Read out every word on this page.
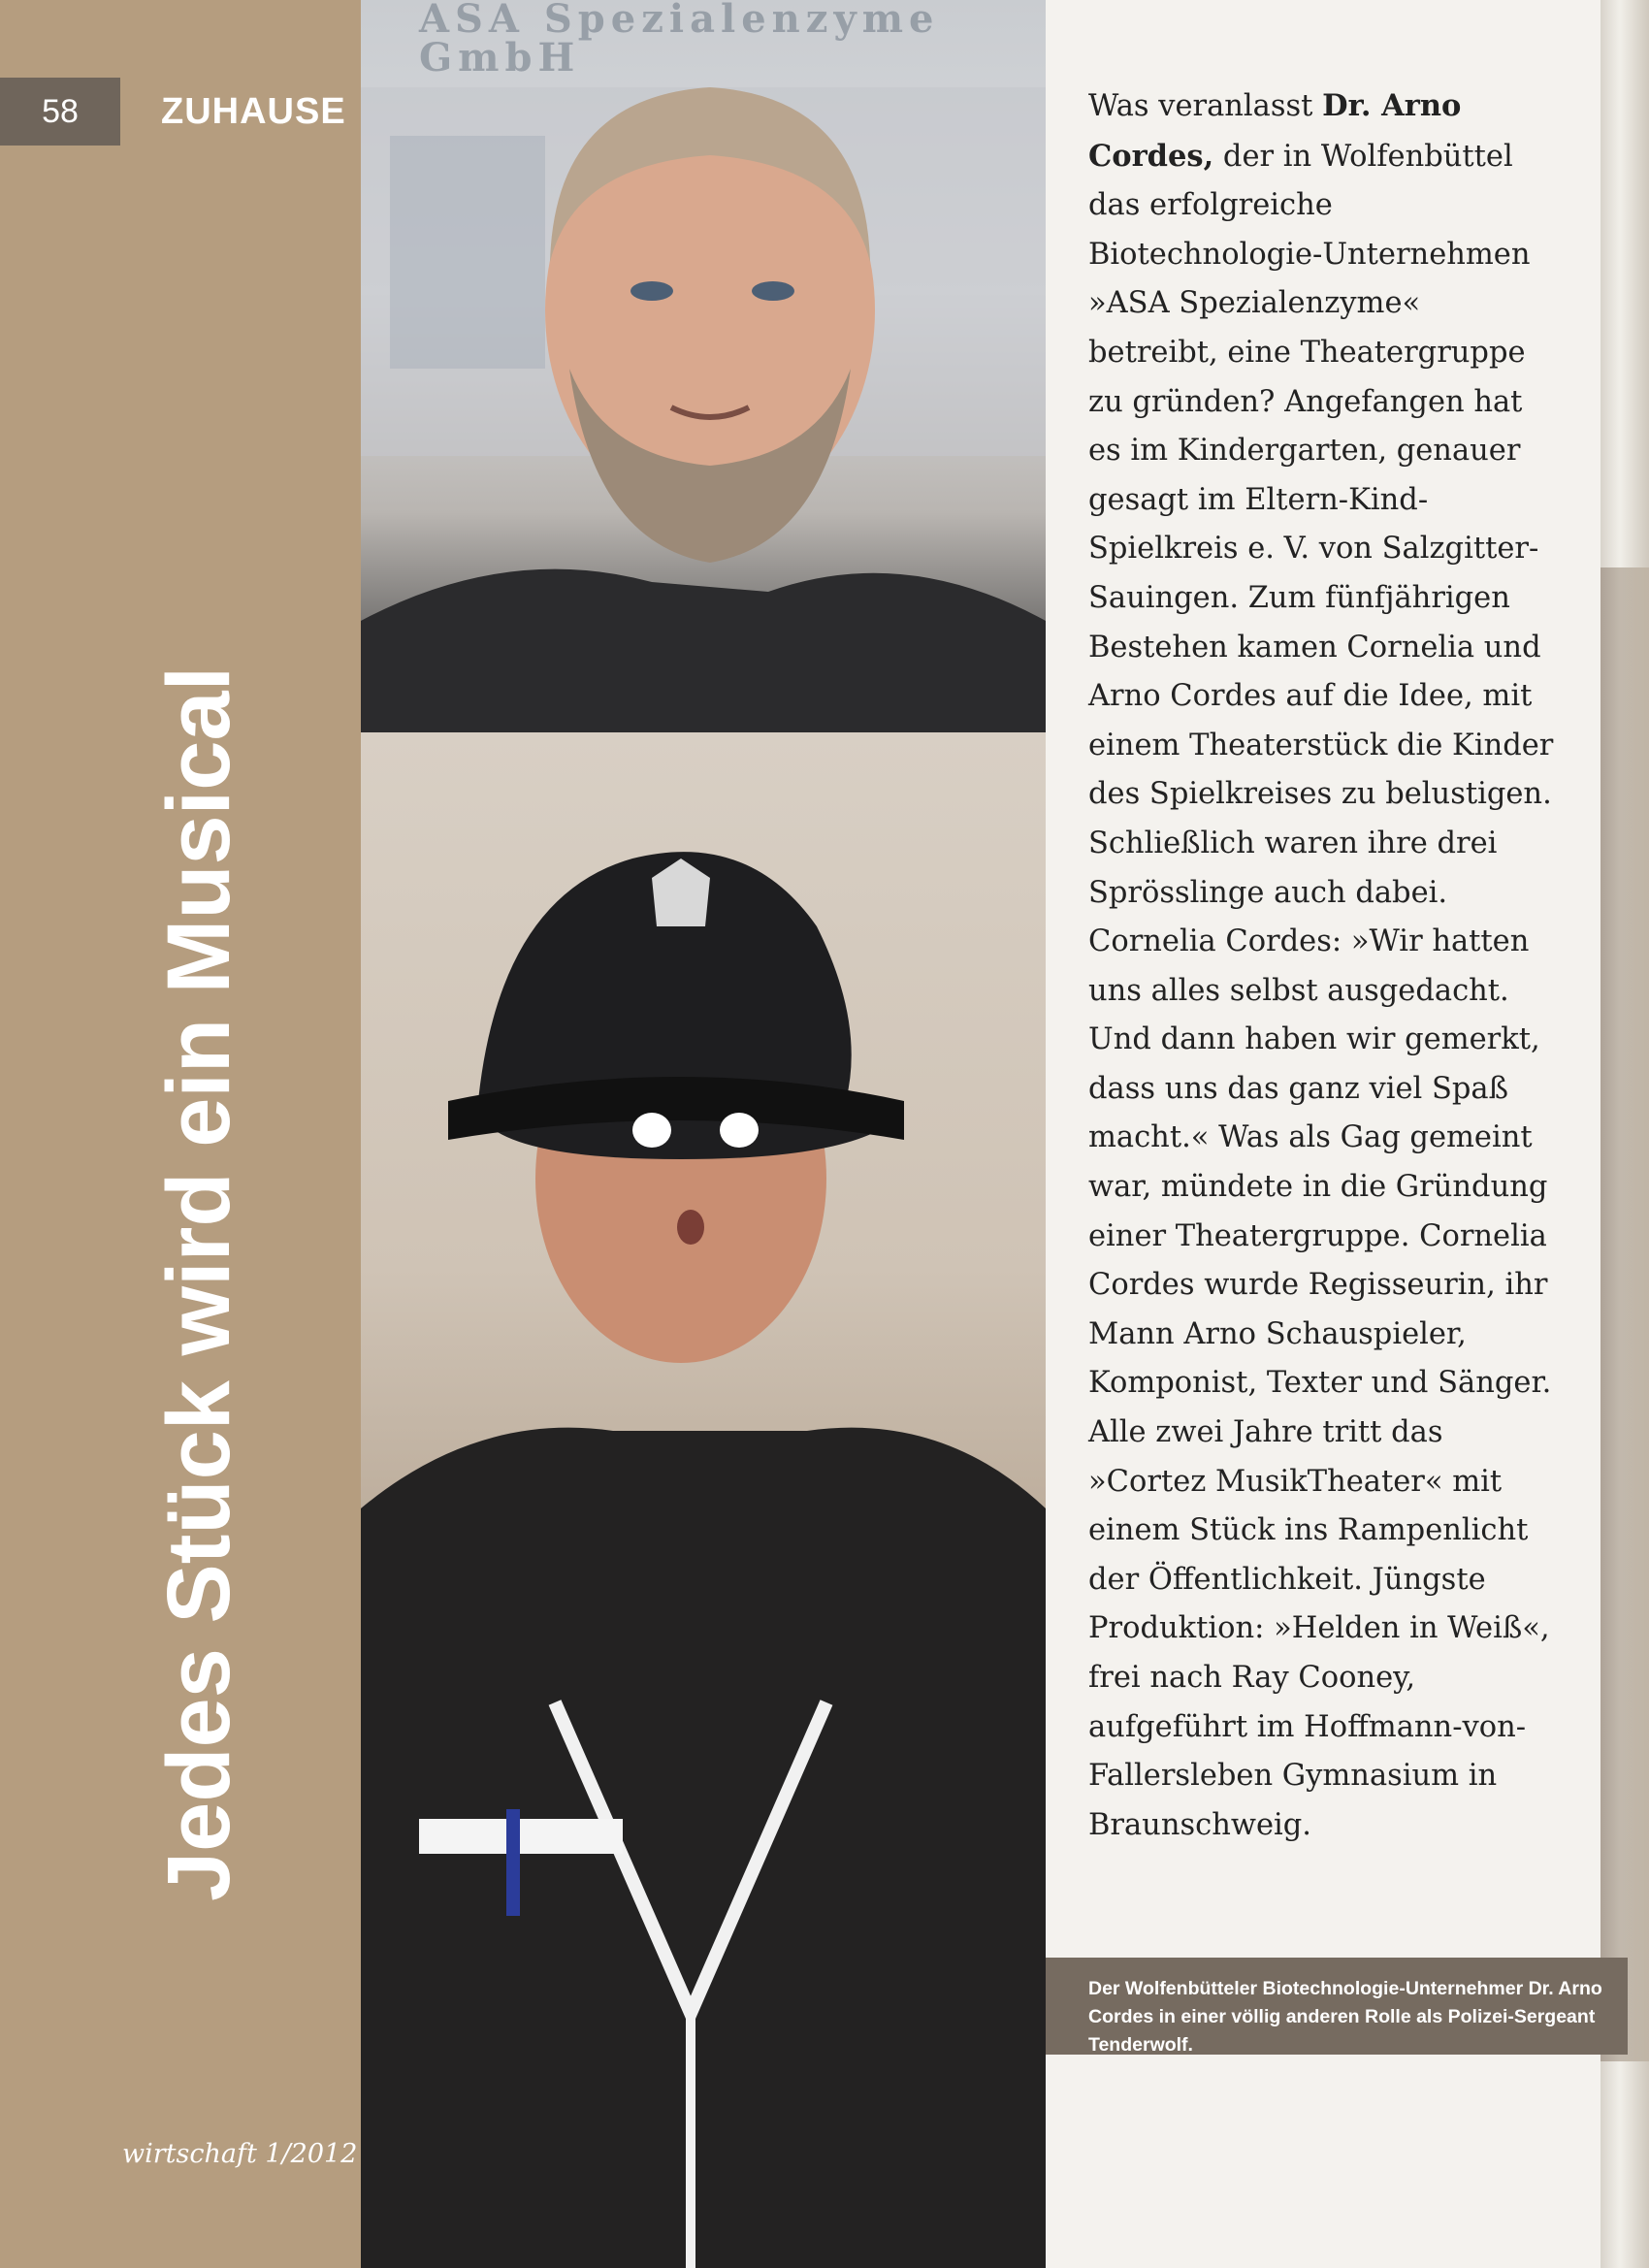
58	ZUHAUSE
Jedes Stück wird ein Musical
wirtschaft 1/2012
ASA Spezialenzyme GmbH

Was veranlasst Dr. Arno Cordes, der in Wolfenbüttel das erfolgreiche Biotechnologie-Unternehmen »ASA Spezialenzyme« betreibt, eine Theatergruppe zu gründen? Angefangen hat es im Kindergarten, genauer gesagt im Eltern-Kind-Spielkreis e. V. von Salzgitter-Sauingen. Zum fünfjährigen Bestehen kamen Cornelia und Arno Cordes auf die Idee, mit einem Theaterstück die Kinder des Spielkreises zu belustigen. Schließlich waren ihre drei Sprösslinge auch dabei. Cornelia Cordes: »Wir hatten uns alles selbst ausgedacht. Und dann haben wir gemerkt, dass uns das ganz viel Spaß macht.« Was als Gag gemeint war, mündete in die Gründung einer Theatergruppe. Cornelia Cordes wurde Regisseurin, ihr Mann Arno Schauspieler, Komponist, Texter und Sänger. Alle zwei Jahre tritt das »Cortez MusikTheater« mit einem Stück ins Rampenlicht der Öffentlichkeit. Jüngste Produktion: »Helden in Weiß«, frei nach Ray Cooney, aufgeführt im Hoffmann-von-Fallersleben Gymnasium in Braunschweig.

Der Wolfenbütteler Biotechnologie-Unternehmer Dr. Arno Cordes in einer völlig anderen Rolle als Polizei-Sergeant Tenderwolf.
